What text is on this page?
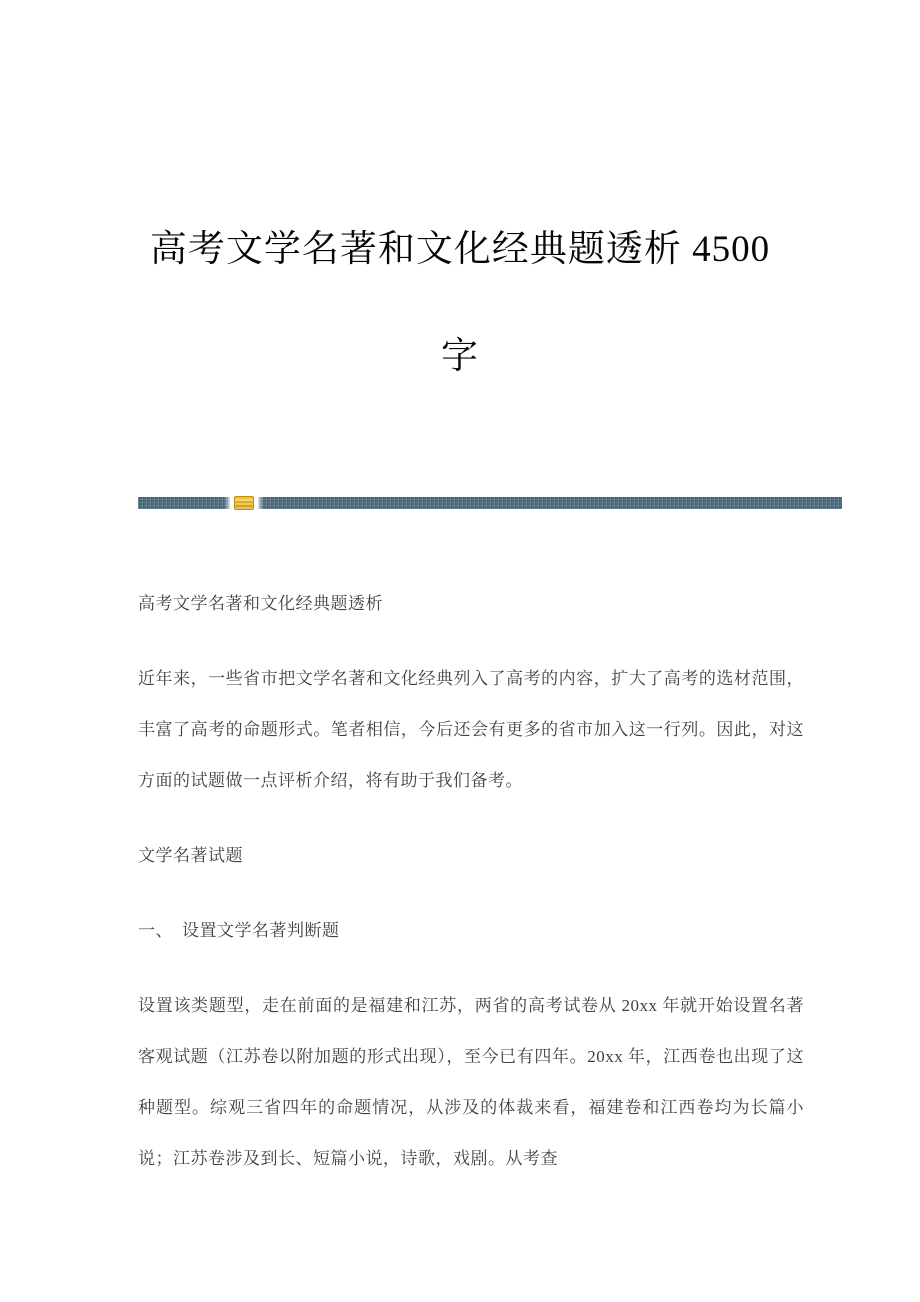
高考文学名著和文化经典题透析 4500
字

高考文学名著和文化经典题透析

近年来，一些省市把文学名著和文化经典列入了高考的内容，扩大了高考的选材范围，丰富了高考的命题形式。笔者相信，今后还会有更多的省市加入这一行列。因此，对这方面的试题做一点评析介绍，将有助于我们备考。

文学名著试题

一、　设置文学名著判断题

设置该类题型，走在前面的是福建和江苏，两省的高考试卷从 20xx 年就开始设置名著客观试题（江苏卷以附加题的形式出现），至今已有四年。20xx 年，江西卷也出现了这种题型。综观三省四年的命题情况，从涉及的体裁来看，福建卷和江西卷均为长篇小说；江苏卷涉及到长、短篇小说，诗歌，戏剧。从考查
